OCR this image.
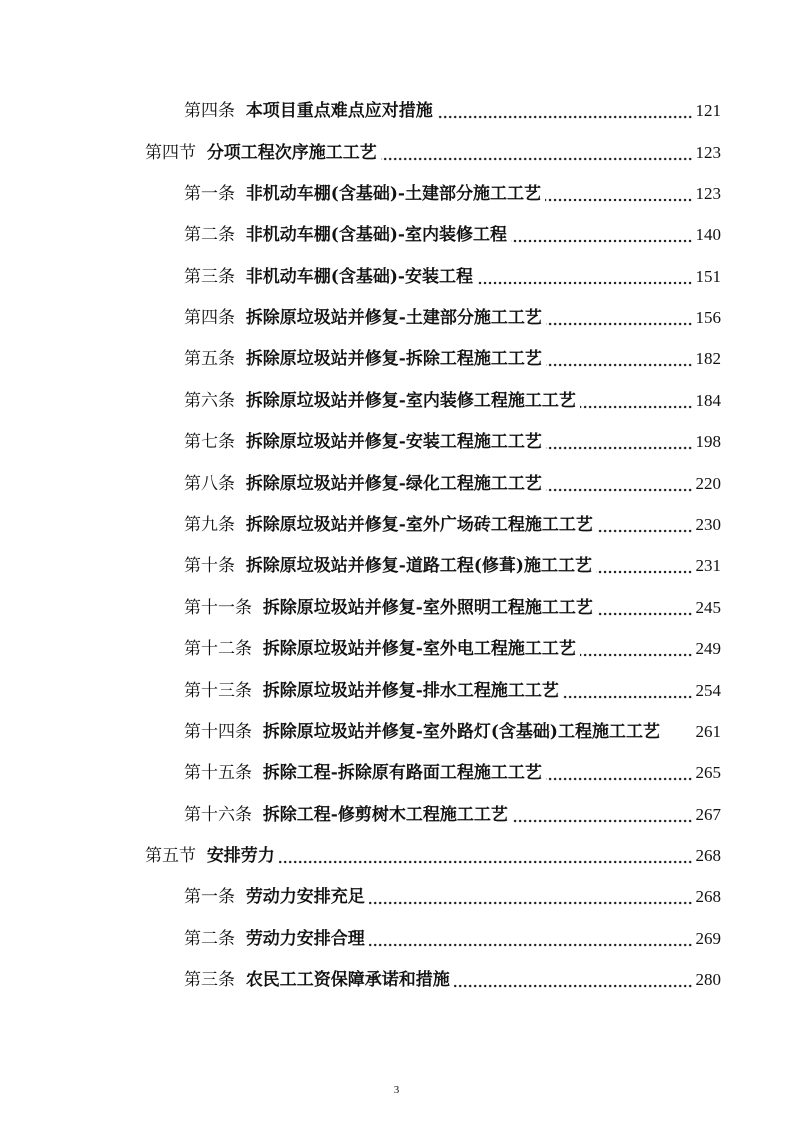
第四条 本项目重点难点应对措施	121
第四节 分项工程次序施工工艺	123
第一条 非机动车棚(含基础)-土建部分施工工艺	123
第二条 非机动车棚(含基础)-室内装修工程	140
第三条 非机动车棚(含基础)-安装工程	151
第四条 拆除原垃圾站并修复-土建部分施工工艺	156
第五条 拆除原垃圾站并修复-拆除工程施工工艺	182
第六条 拆除原垃圾站并修复-室内装修工程施工工艺	184
第七条 拆除原垃圾站并修复-安装工程施工工艺	198
第八条 拆除原垃圾站并修复-绿化工程施工工艺	220
第九条 拆除原垃圾站并修复-室外广场砖工程施工工艺	230
第十条 拆除原垃圾站并修复-道路工程(修葺)施工工艺	231
第十一条 拆除原垃圾站并修复-室外照明工程施工工艺	245
第十二条 拆除原垃圾站并修复-室外电工程施工工艺	249
第十三条 拆除原垃圾站并修复-排水工程施工工艺	254
第十四条 拆除原垃圾站并修复-室外路灯(含基础)工程施工工艺 261
第十五条 拆除工程-拆除原有路面工程施工工艺	265
第十六条 拆除工程-修剪树木工程施工工艺	267
第五节 安排劳力	268
第一条 劳动力安排充足	268
第二条 劳动力安排合理	269
第三条 农民工工资保障承诺和措施	280
3
